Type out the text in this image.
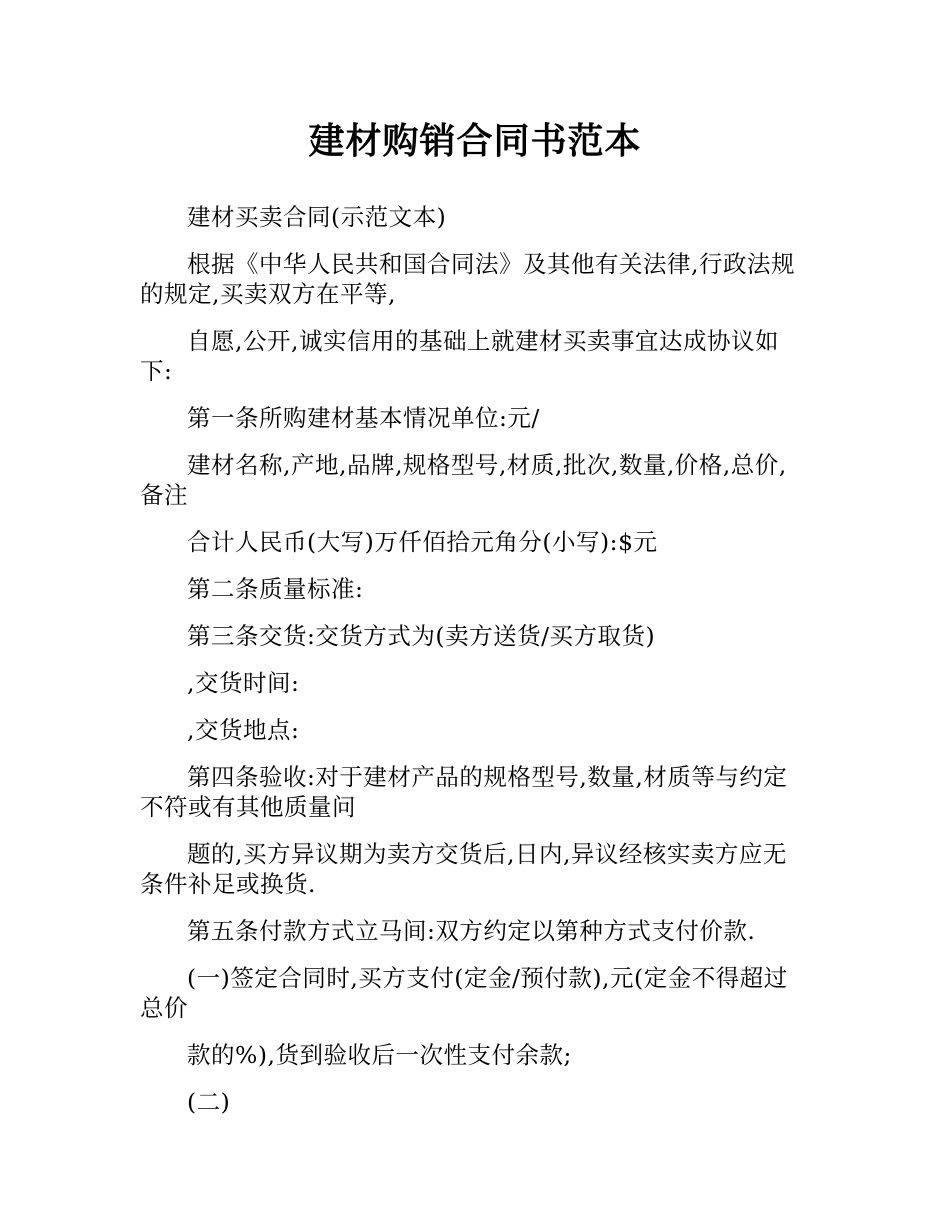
建材购销合同书范本

建材买卖合同(示范文本)

根据《中华人民共和国合同法》及其他有关法律,行政法规的规定,买卖双方在平等,

自愿,公开,诚实信用的基础上就建材买卖事宜达成协议如下:

第一条所购建材基本情况单位:元/

建材名称,产地,品牌,规格型号,材质,批次,数量,价格,总价,备注

合计人民币(大写)万仟佰拾元角分(小写):$元

第二条质量标准:

第三条交货:交货方式为(卖方送货/买方取货)

,交货时间:

,交货地点:

第四条验收:对于建材产品的规格型号,数量,材质等与约定不符或有其他质量问

题的,买方异议期为卖方交货后,日内,异议经核实卖方应无条件补足或换货.

第五条付款方式立马间:双方约定以第种方式支付价款.

(一)签定合同时,买方支付(定金/预付款),元(定金不得超过总价

款的%),货到验收后一次性支付余款;

(二)
